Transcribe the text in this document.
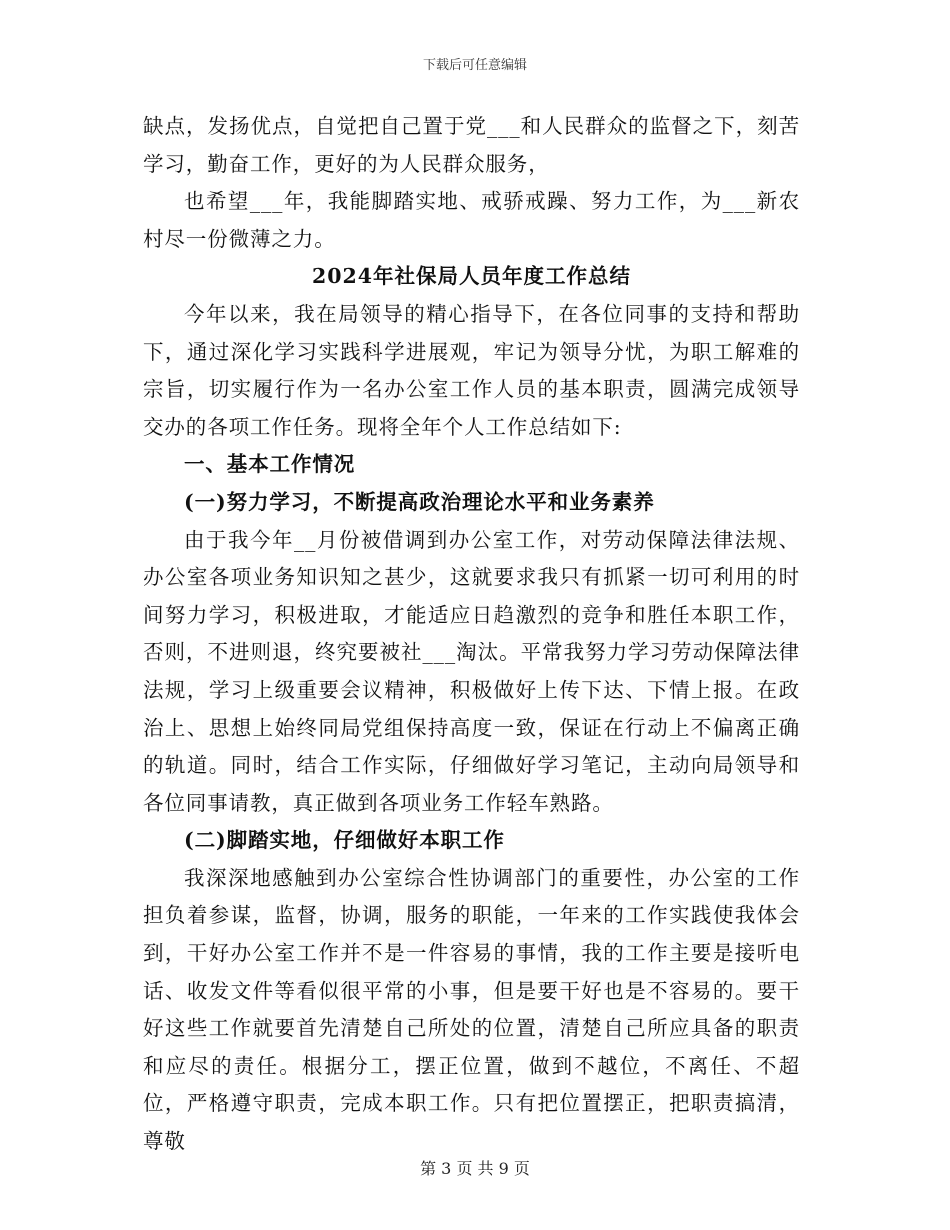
下载后可任意编辑

缺点，发扬优点，自觉把自己置于党___和人民群众的监督之下，刻苦学习，勤奋工作，更好的为人民群众服务，

也希望___年，我能脚踏实地、戒骄戒躁、努力工作，为___新农村尽一份微薄之力。

2024年社保局人员年度工作总结

今年以来，我在局领导的精心指导下，在各位同事的支持和帮助下，通过深化学习实践科学进展观，牢记为领导分忧，为职工解难的宗旨，切实履行作为一名办公室工作人员的基本职责，圆满完成领导交办的各项工作任务。现将全年个人工作总结如下:

一、基本工作情况

(一)努力学习，不断提高政治理论水平和业务素养

由于我今年__月份被借调到办公室工作，对劳动保障法律法规、办公室各项业务知识知之甚少，这就要求我只有抓紧一切可利用的时间努力学习，积极进取，才能适应日趋激烈的竞争和胜任本职工作，否则，不进则退，终究要被社___淘汰。平常我努力学习劳动保障法律法规，学习上级重要会议精神，积极做好上传下达、下情上报。在政治上、思想上始终同局党组保持高度一致，保证在行动上不偏离正确的轨道。同时，结合工作实际，仔细做好学习笔记，主动向局领导和各位同事请教，真正做到各项业务工作轻车熟路。

(二)脚踏实地，仔细做好本职工作

我深深地感触到办公室综合性协调部门的重要性，办公室的工作担负着参谋，监督，协调，服务的职能，一年来的工作实践使我体会到，干好办公室工作并不是一件容易的事情，我的工作主要是接听电话、收发文件等看似很平常的小事，但是要干好也是不容易的。要干好这些工作就要首先清楚自己所处的位置，清楚自己所应具备的职责和应尽的责任。根据分工，摆正位置，做到不越位，不离任、不超位，严格遵守职责，完成本职工作。只有把位置摆正，把职责搞清，尊敬

第 3 页 共 9 页
